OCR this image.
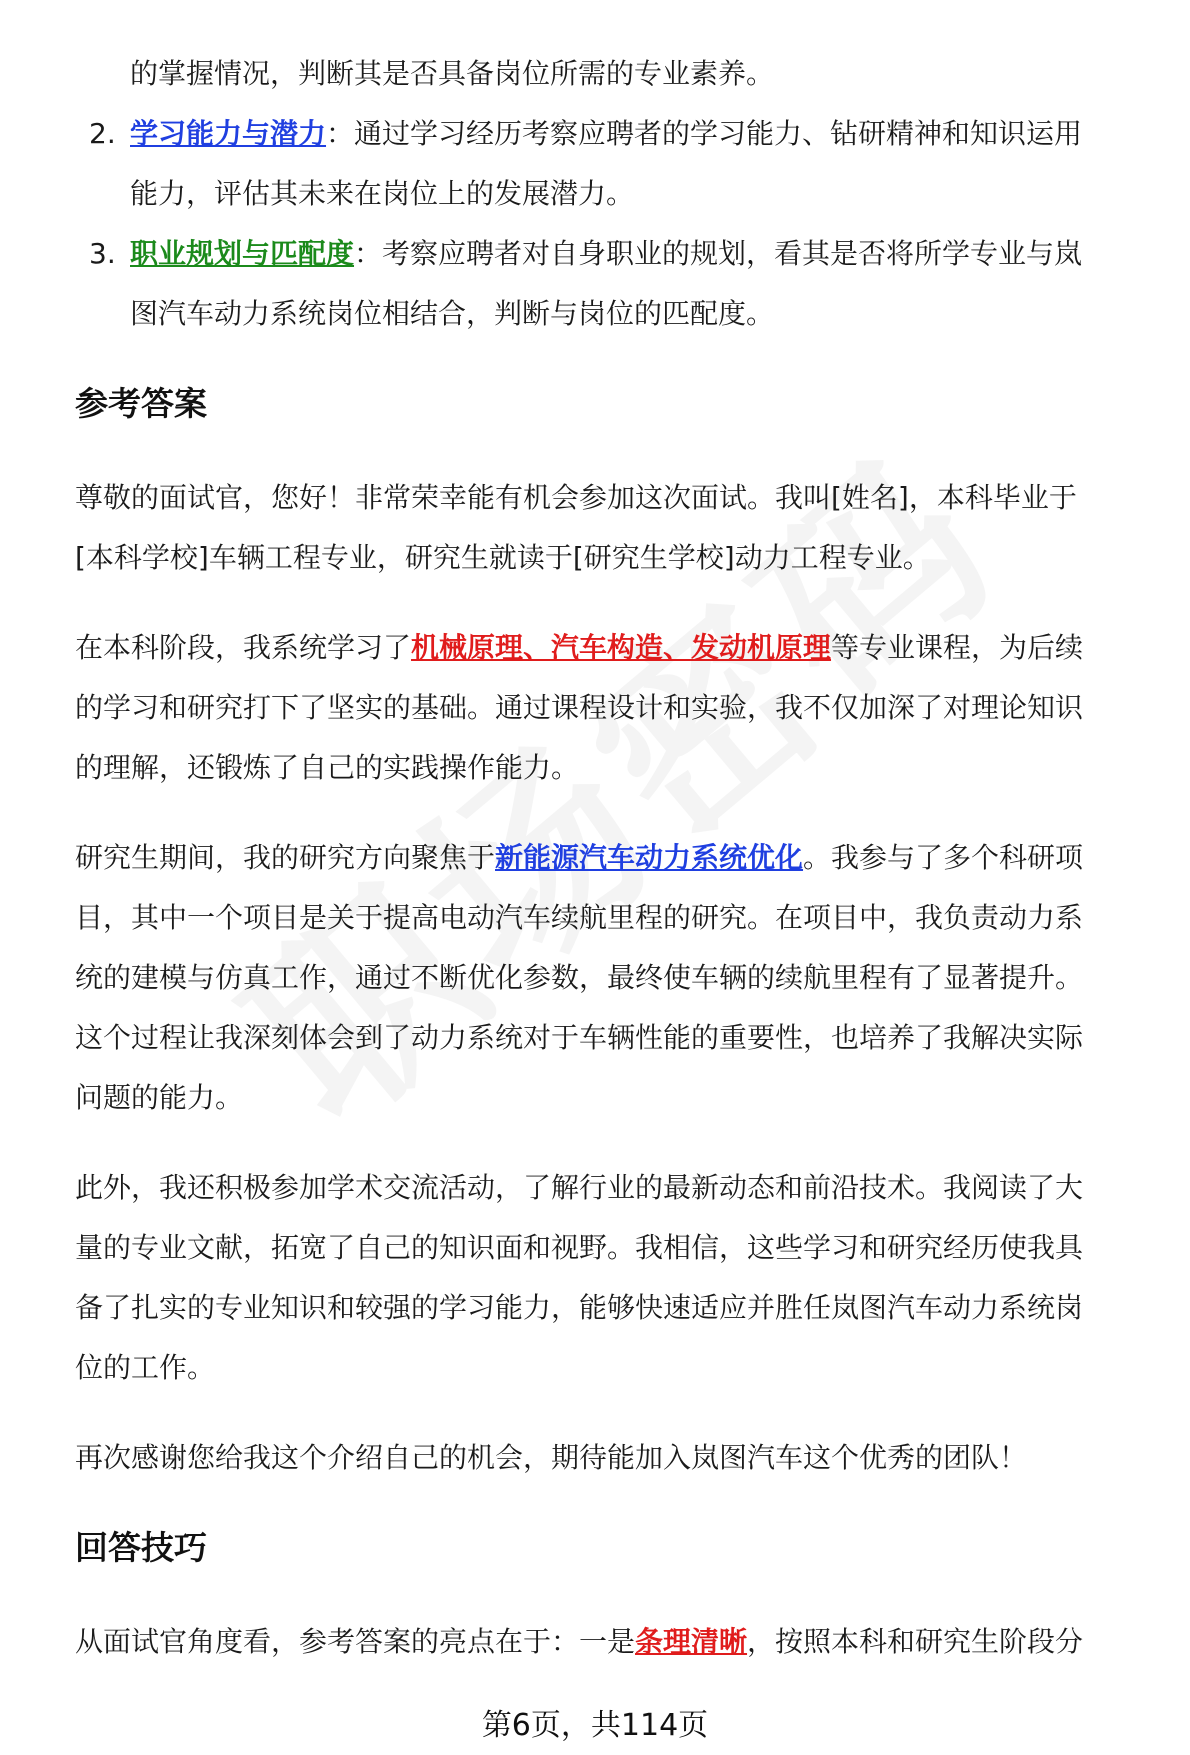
的掌握情况，判断其是否具备岗位所需的专业素养。
2. 学习能力与潜力：通过学习经历考察应聘者的学习能力、钻研精神和知识运用
能力，评估其未来在岗位上的发展潜力。
3. 职业规划与匹配度：考察应聘者对自身职业的规划，看其是否将所学专业与岚
图汽车动力系统岗位相结合，判断与岗位的匹配度。
参考答案
尊敬的面试官，您好！非常荣幸能有机会参加这次面试。我叫[姓名]，本科毕业于
[本科学校]车辆工程专业，研究生就读于[研究生学校]动力工程专业。
在本科阶段，我系统学习了机械原理、汽车构造、发动机原理等专业课程，为后续
的学习和研究打下了坚实的基础。通过课程设计和实验，我不仅加深了对理论知识
的理解，还锻炼了自己的实践操作能力。
研究生期间，我的研究方向聚焦于新能源汽车动力系统优化。我参与了多个科研项
目，其中一个项目是关于提高电动汽车续航里程的研究。在项目中，我负责动力系
统的建模与仿真工作，通过不断优化参数，最终使车辆的续航里程有了显著提升。
这个过程让我深刻体会到了动力系统对于车辆性能的重要性，也培养了我解决实际
问题的能力。
此外，我还积极参加学术交流活动，了解行业的最新动态和前沿技术。我阅读了大
量的专业文献，拓宽了自己的知识面和视野。我相信，这些学习和研究经历使我具
备了扎实的专业知识和较强的学习能力，能够快速适应并胜任岚图汽车动力系统岗
位的工作。
再次感谢您给我这个介绍自己的机会，期待能加入岚图汽车这个优秀的团队！
回答技巧
从面试官角度看，参考答案的亮点在于：一是条理清晰，按照本科和研究生阶段分
第6页，共114页
